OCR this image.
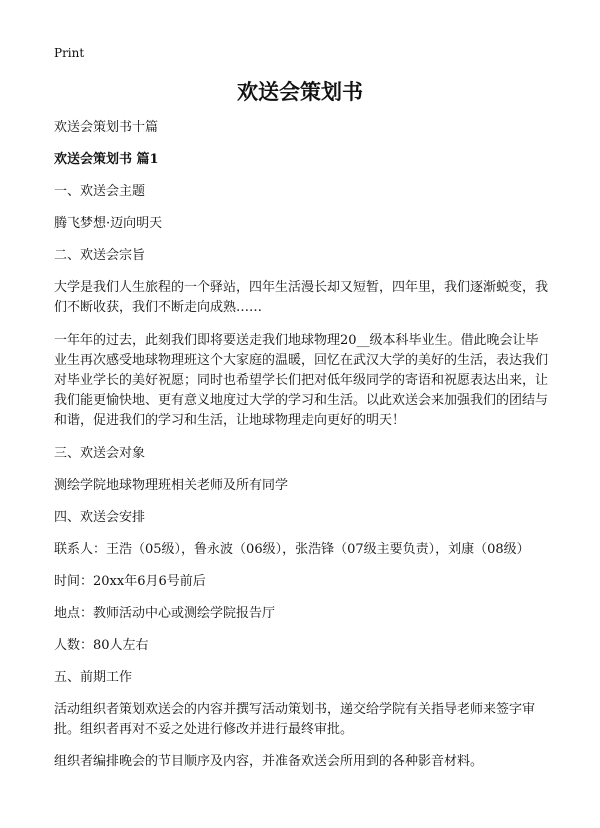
Print
欢送会策划书

欢送会策划书十篇

欢送会策划书 篇1

一、欢送会主题

腾飞梦想·迈向明天

二、欢送会宗旨

大学是我们人生旅程的一个驿站，四年生活漫长却又短暂，四年里，我们逐渐蜕变，我们不断收获，我们不断走向成熟……

一年年的过去，此刻我们即将要送走我们地球物理20__级本科毕业生。借此晚会让毕业生再次感受地球物理班这个大家庭的温暖，回忆在武汉大学的美好的生活，表达我们对毕业学长的美好祝愿；同时也希望学长们把对低年级同学的寄语和祝愿表达出来，让我们能更愉快地、更有意义地度过大学的学习和生活。以此欢送会来加强我们的团结与和谐，促进我们的学习和生活，让地球物理走向更好的明天！

三、欢送会对象

测绘学院地球物理班相关老师及所有同学

四、欢送会安排

联系人：王浩（05级），鲁永波（06级），张浩锋（07级主要负责），刘康（08级）

时间：20xx年6月6号前后

地点：教师活动中心或测绘学院报告厅

人数：80人左右

五、前期工作

活动组织者策划欢送会的内容并撰写活动策划书，递交给学院有关指导老师来签字审批。组织者再对不妥之处进行修改并进行最终审批。

组织者编排晚会的节目顺序及内容，并准备欢送会所用到的各种影音材料。
